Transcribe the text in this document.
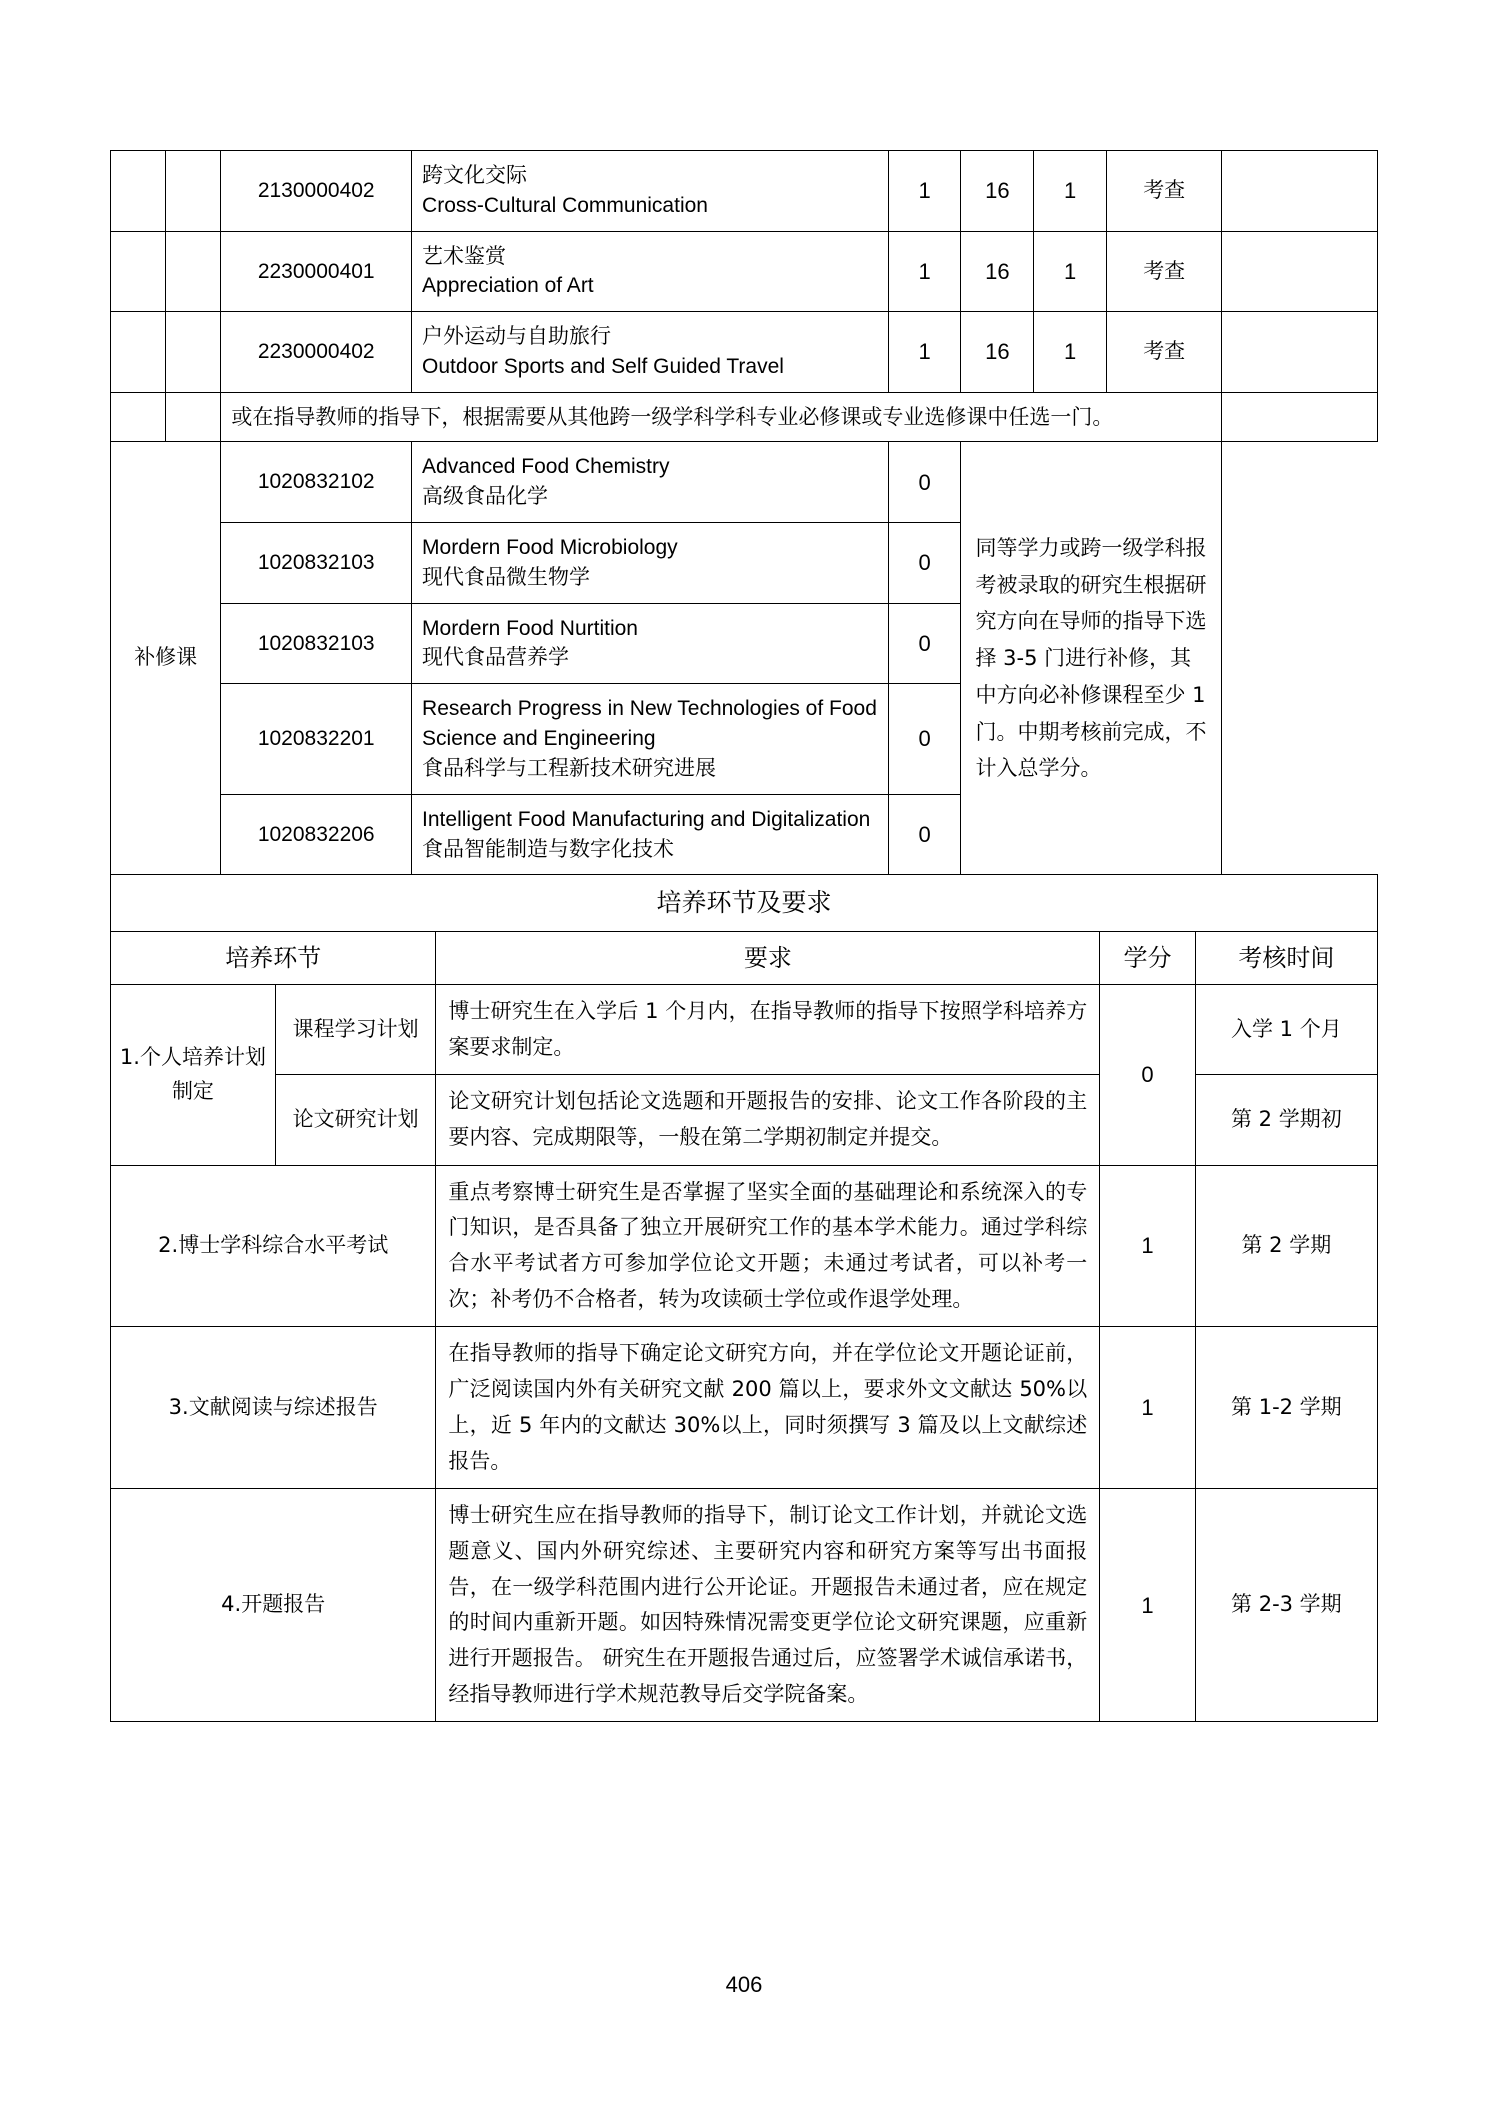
		2130000402	跨文化交际
Cross-Cultural Communication	1	16	1	考查	
		2230000401	艺术鉴赏
Appreciation of Art	1	16	1	考查	
		2230000402	户外运动与自助旅行
Outdoor Sports and Self Guided Travel	1	16	1	考查	
		或在指导教师的指导下，根据需要从其他跨一级学科学科专业必修课或专业选修课中任选一门。						
补修课		1020832102	Advanced Food Chemistry
高级食品化学	0	同等学力或跨一级学科报考被录取的研究生根据研究方向在导师的指导下选择 3-5 门进行补修，其中方向必补修课程至少 1 门。中期考核前完成，不计入总学分。			
		1020832103	Mordern Food Microbiology
现代食品微生物学	0				
		1020832103	Mordern Food Nurtition
现代食品营养学	0				
		1020832201	Research Progress in New Technologies of Food Science and Engineering
食品科学与工程新技术研究进展	0				
		1020832206	Intelligent Food Manufacturing and Digitalization
食品智能制造与数字化技术	0				
培养环节及要求				
培养环节		要求	学分	考核时间
1.个人培养计划制定	课程学习计划	博士研究生在入学后 1 个月内，在指导教师的指导下按照学科培养方案要求制定。	0	入学 1 个月
	论文研究计划	论文研究计划包括论文选题和开题报告的安排、论文工作各阶段的主要内容、完成期限等，一般在第二学期初制定并提交。		第 2 学期初
2.博士学科综合水平考试		重点考察博士研究生是否掌握了坚实全面的基础理论和系统深入的专门知识，是否具备了独立开展研究工作的基本学术能力。通过学科综合水平考试者方可参加学位论文开题；未通过考试者，可以补考一次；补考仍不合格者，转为攻读硕士学位或作退学处理。	1	第 2 学期
3.文献阅读与综述报告		在指导教师的指导下确定论文研究方向，并在学位论文开题论证前，广泛阅读国内外有关研究文献 200 篇以上，要求外文文献达 50%以上，近 5 年内的文献达 30%以上，同时须撰写 3 篇及以上文献综述报告。	1	第 1-2 学期
4.开题报告		博士研究生应在指导教师的指导下，制订论文工作计划，并就论文选题意义、国内外研究综述、主要研究内容和研究方案等写出书面报告，在一级学科范围内进行公开论证。开题报告未通过者，应在规定的时间内重新开题。如因特殊情况需变更学位论文研究课题，应重新进行开题报告。 研究生在开题报告通过后，应签署学术诚信承诺书，经指导教师进行学术规范教导后交学院备案。	1	第 2-3 学期
406
